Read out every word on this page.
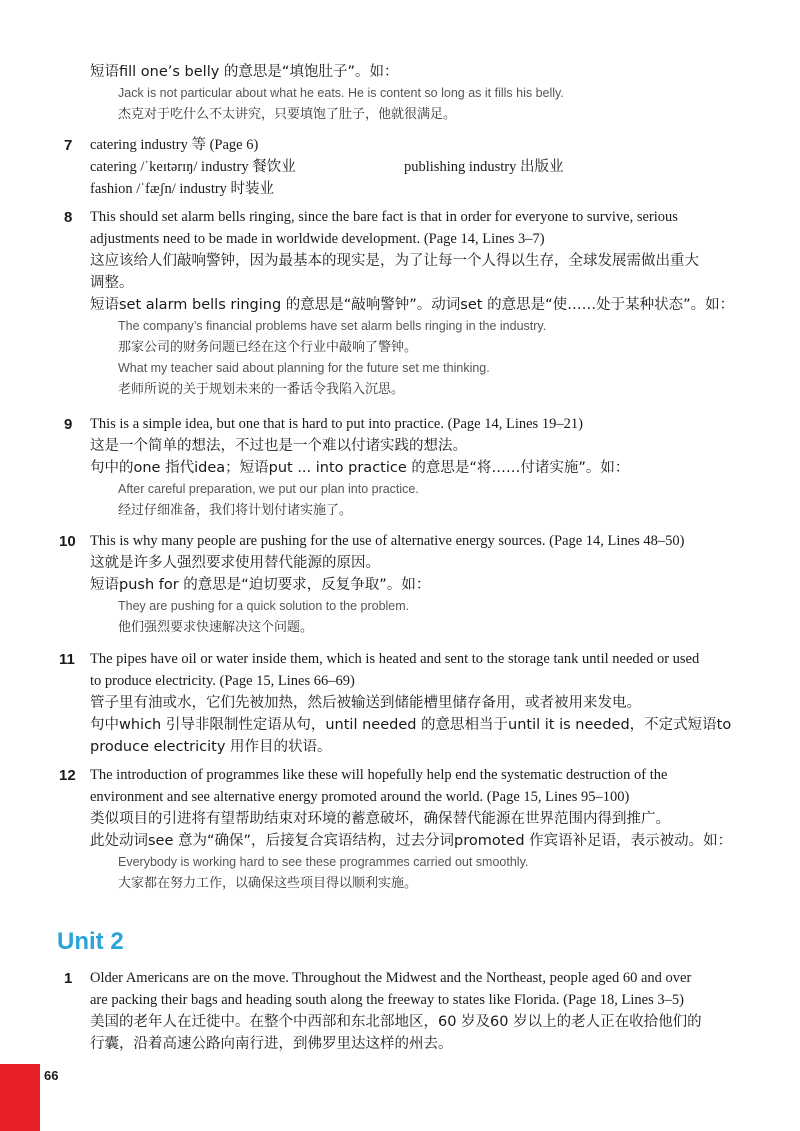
短语fill one’s belly 的意思是“填饱肚子”。如：
Jack is not particular about what he eats. He is content so long as it fills his belly.
杰克对于吃什么不太讲究，只要填饱了肚子，他就很满足。
7 catering industry 等 (Page 6)
catering /ˈkeɪtərɪŋ/ industry 餐饮业	publishing industry 出版业
fashion /ˈfæʃn/ industry 时装业
8 This should set alarm bells ringing, since the bare fact is that in order for everyone to survive, serious
adjustments need to be made in worldwide development. (Page 14, Lines 3–7)
这应该给人们敲响警钟，因为最基本的现实是，为了让每一个人得以生存，全球发展需做出重大
调整。
短语set alarm bells ringing 的意思是“敲响警钟”。动词set 的意思是“使……处于某种状态”。如：
The company’s financial problems have set alarm bells ringing in the industry.
那家公司的财务问题已经在这个行业中敲响了警钟。
What my teacher said about planning for the future set me thinking.
老师所说的关于规划未来的一番话令我陷入沉思。
9 This is a simple idea, but one that is hard to put into practice. (Page 14, Lines 19–21)
这是一个简单的想法，不过也是一个难以付诸实践的想法。
句中的one 指代idea；短语put ... into practice 的意思是“将……付诸实施”。如：
After careful preparation, we put our plan into practice.
经过仔细准备，我们将计划付诸实施了。
10 This is why many people are pushing for the use of alternative energy sources. (Page 14, Lines 48–50)
这就是许多人强烈要求使用替代能源的原因。
短语push for 的意思是“迫切要求，反复争取”。如：
They are pushing for a quick solution to the problem.
他们强烈要求快速解决这个问题。
11 The pipes have oil or water inside them, which is heated and sent to the storage tank until needed or used
to produce electricity. (Page 15, Lines 66–69)
管子里有油或水，它们先被加热，然后被输送到储能槽里储存备用，或者被用来发电。
句中which 引导非限制性定语从句，until needed 的意思相当于until it is needed，不定式短语to
produce electricity 用作目的状语。
12 The introduction of programmes like these will hopefully help end the systematic destruction of the
environment and see alternative energy promoted around the world. (Page 15, Lines 95–100)
类似项目的引进将有望帮助结束对环境的蓄意破坏，确保替代能源在世界范围内得到推广。
此处动词see 意为“确保”，后接复合宾语结构，过去分词promoted 作宾语补足语，表示被动。如：
Everybody is working hard to see these programmes carried out smoothly.
大家都在努力工作，以确保这些项目得以顺利实施。
Unit 2
1 Older Americans are on the move. Throughout the Midwest and the Northeast, people aged 60 and over
are packing their bags and heading south along the freeway to states like Florida. (Page 18, Lines 3–5)
美国的老年人在迁徙中。在整个中西部和东北部地区，60 岁及60 岁以上的老人正在收拾他们的
行囊，沿着高速公路向南行进，到佛罗里达这样的州去。
66
